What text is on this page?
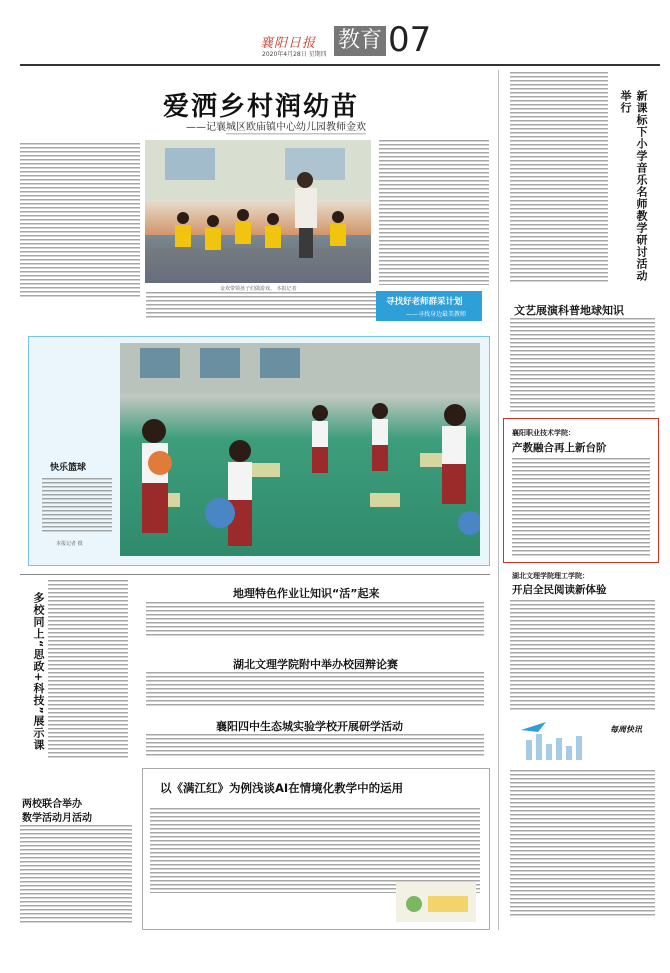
襄阳日报
2020年4月28日 星期四
教育 07
爱洒乡村润幼苗
——记襄城区欧庙镇中心幼儿园教师金欢
金欢带领孩子们做游戏。 本报记者
寻找好老师群采计划
——寻找身边最美教师
快乐篮球
本报记者 摄
新课标下小学音乐名师教学研讨活动举行
文艺展演科普地球知识
襄阳职业技术学院：
产教融合再上新台阶
湖北文理学院理工学院：
开启全民阅读新体验
每周快讯
多校同上“思政+科技”展示课	地理特色作业让知识“活”起来
湖北文理学院附中举办校园辩论赛
襄阳四中生态城实验学校开展研学活动
两校联合举办
数学活动月活动
以《满江红》为例浅谈AI在情境化教学中的运用
